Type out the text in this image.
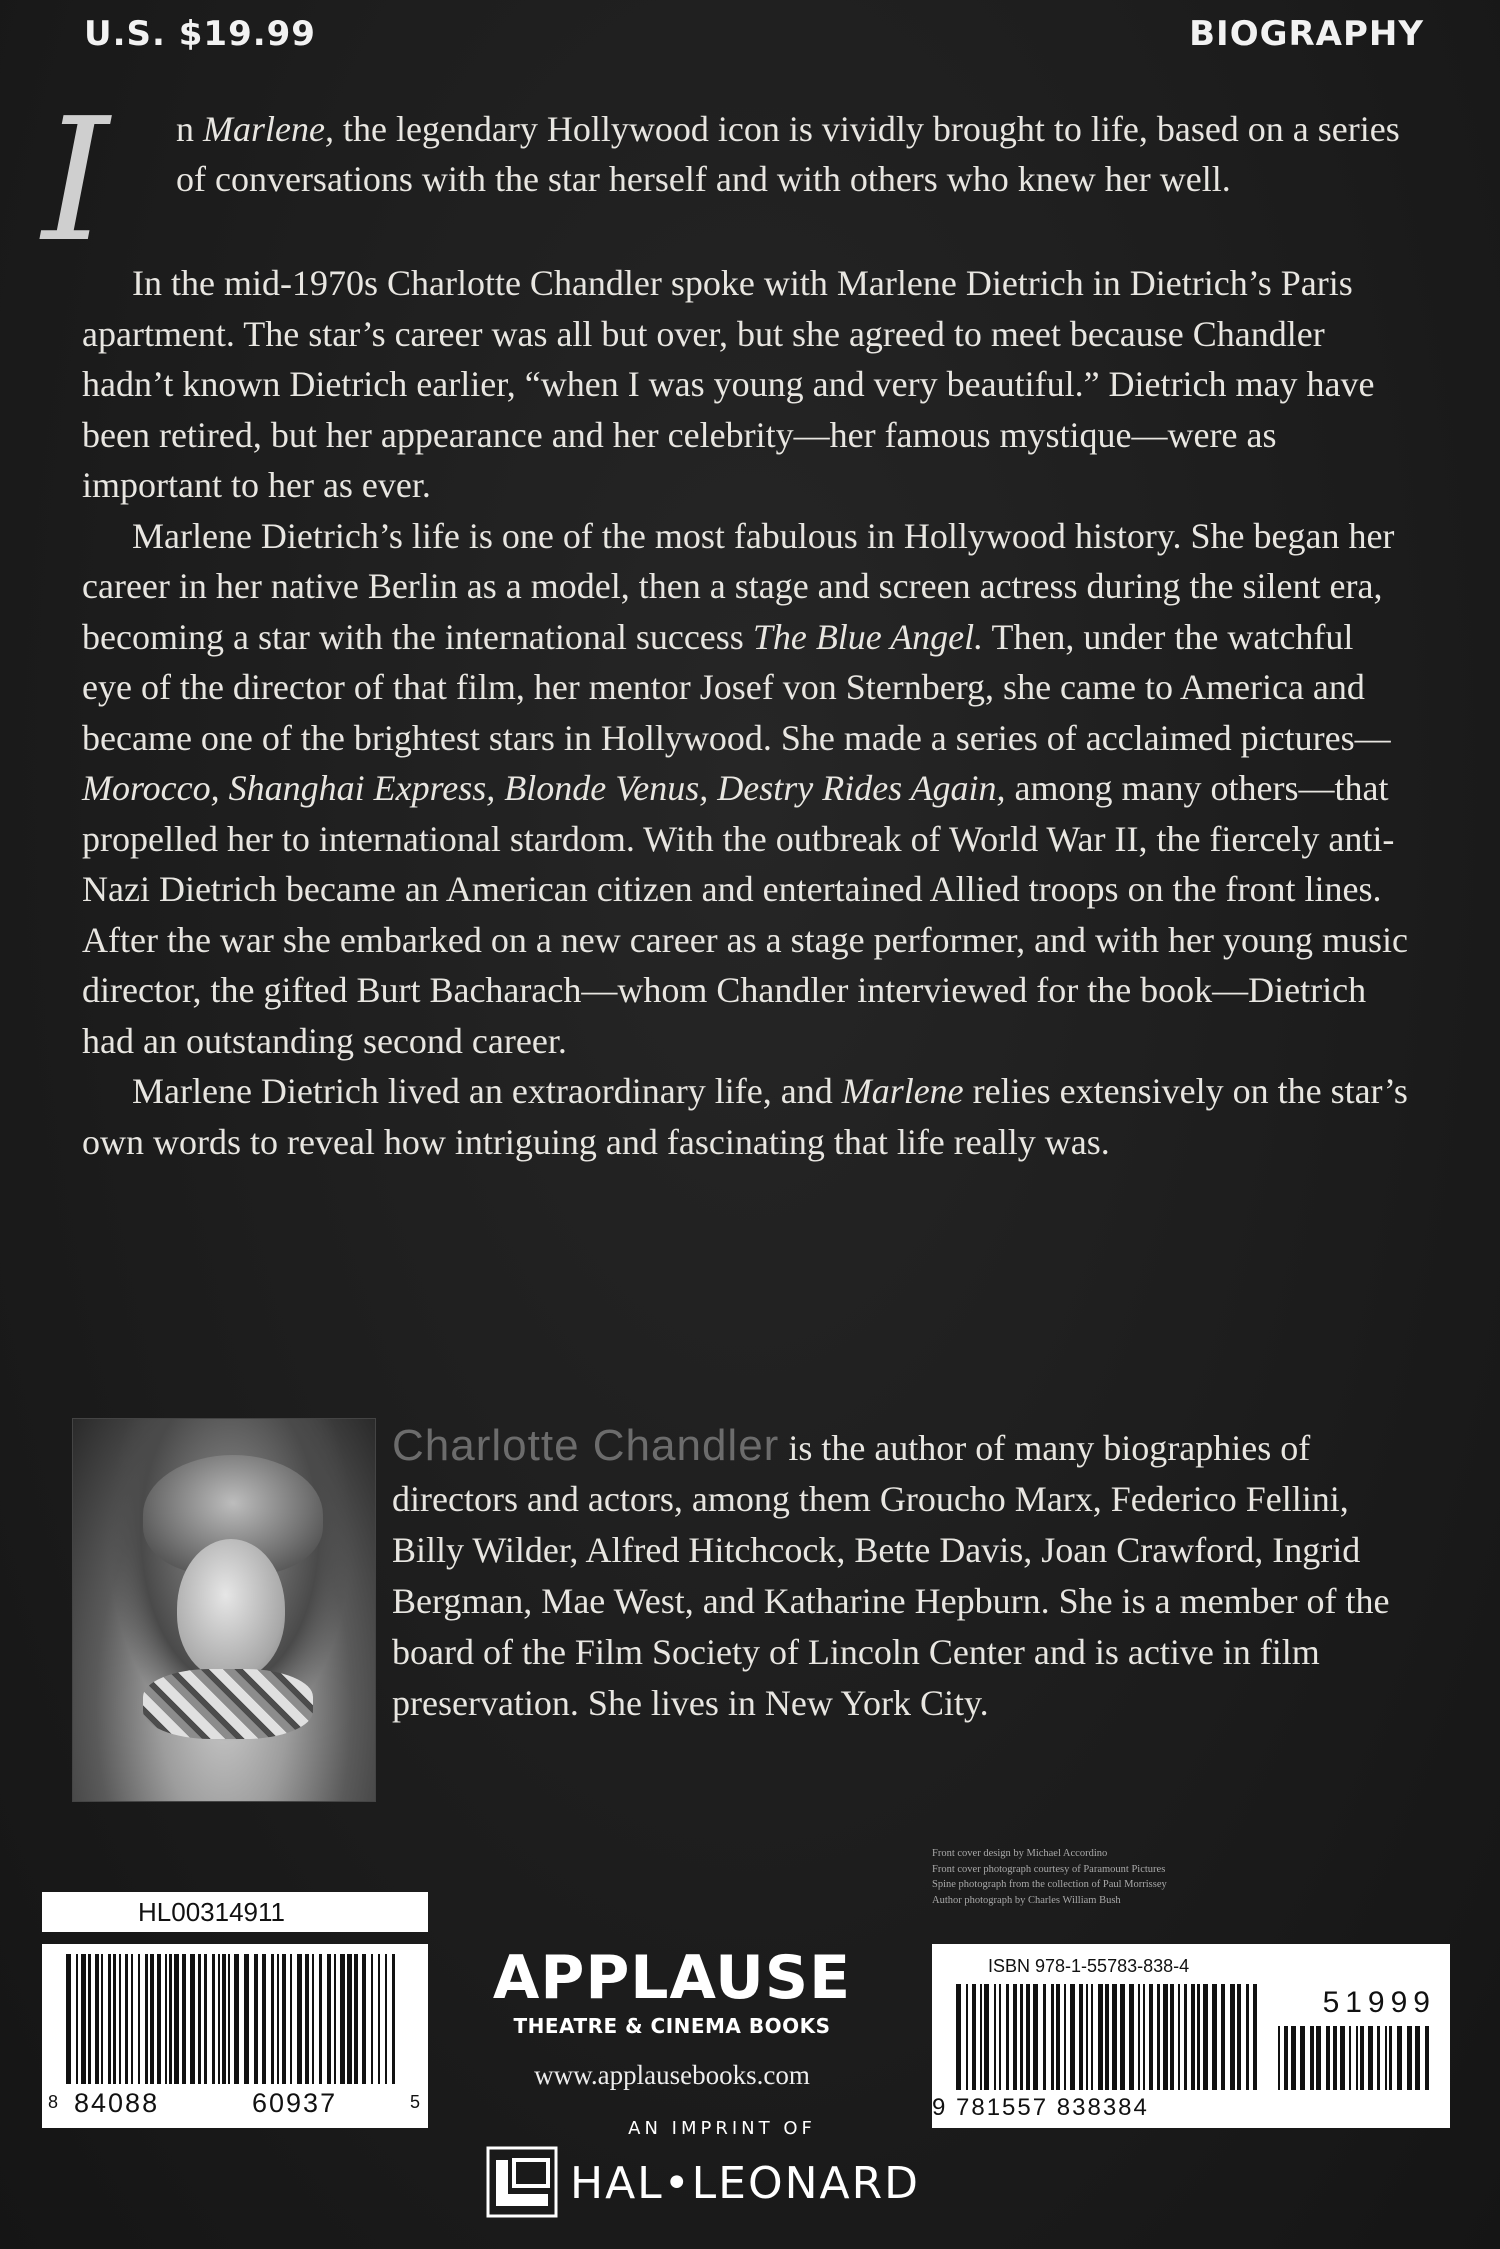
U.S. $19.99	BIOGRAPHY
I n Marlene, the legendary Hollywood icon is vividly brought to life, based on a series of conversations with the star herself and with others who knew her well.

In the mid-1970s Charlotte Chandler spoke with Marlene Dietrich in Dietrich’s Paris apartment. The star’s career was all but over, but she agreed to meet because Chandler hadn’t known Dietrich earlier, “when I was young and very beautiful.” Dietrich may have been retired, but her appearance and her celebrity—her famous mystique—were as important to her as ever.

Marlene Dietrich’s life is one of the most fabulous in Hollywood history. She began her career in her native Berlin as a model, then a stage and screen actress during the silent era, becoming a star with the international success The Blue Angel. Then, under the watchful eye of the director of that film, her mentor Josef von Sternberg, she came to America and became one of the brightest stars in Hollywood. She made a series of acclaimed pictures—Morocco, Shanghai Express, Blonde Venus, Destry Rides Again, among many others—that propelled her to international stardom. With the outbreak of World War II, the fiercely anti-Nazi Dietrich became an American citizen and entertained Allied troops on the front lines. After the war she embarked on a new career as a stage performer, and with her young music director, the gifted Burt Bacharach—whom Chandler interviewed for the book—Dietrich had an outstanding second career.

Marlene Dietrich lived an extraordinary life, and Marlene relies extensively on the star’s own words to reveal how intriguing and fascinating that life really was.

Charlotte Chandler is the author of many biographies of directors and actors, among them Groucho Marx, Federico Fellini, Billy Wilder, Alfred Hitchcock, Bette Davis, Joan Crawford, Ingrid Bergman, Mae West, and Katharine Hepburn. She is a member of the board of the Film Society of Lincoln Center and is active in film preservation. She lives in New York City.

Front cover design by Michael Accordino
Front cover photograph courtesy of Paramount Pictures
Spine photograph from the collection of Paul Morrissey
Author photograph by Charles William Bush
HL00314911
8 84088	60937	5
APPLAUSE
THEATRE & CINEMA BOOKS
www.applausebooks.com
AN IMPRINT OF
HAL•LEONARD
ISBN 978-1-55783-838-4
51999
9 781557 838384
